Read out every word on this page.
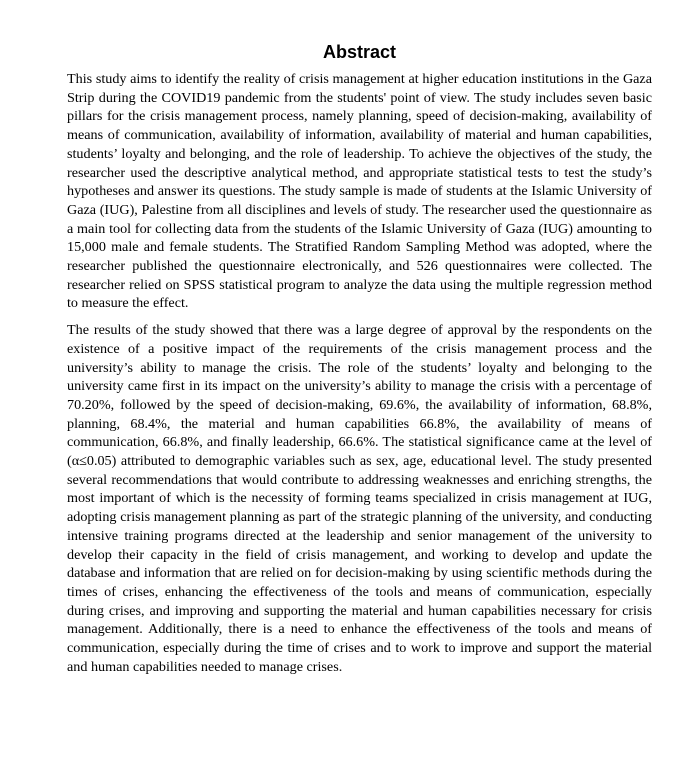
Abstract

This study aims to identify the reality of crisis management at higher education institutions in the Gaza Strip during the COVID19 pandemic from the students' point of view. The study includes seven basic pillars for the crisis management process, namely planning, speed of decision-making, availability of means of communication, availability of information, availability of material and human capabilities, students’ loyalty and belonging, and the role of leadership. To achieve the objectives of the study, the researcher used the descriptive analytical method, and appropriate statistical tests to test the study’s hypotheses and answer its questions. The study sample is made of students at the Islamic University of Gaza (IUG), Palestine from all disciplines and levels of study. The researcher used the questionnaire as a main tool for collecting data from the students of the Islamic University of Gaza (IUG) amounting to 15,000 male and female students. The Stratified Random Sampling Method was adopted, where the researcher published the questionnaire electronically, and 526 questionnaires were collected. The researcher relied on SPSS statistical program to analyze the data using the multiple regression method to measure the effect.

The results of the study showed that there was a large degree of approval by the respondents on the existence of a positive impact of the requirements of the crisis management process and the university’s ability to manage the crisis. The role of the students’ loyalty and belonging to the university came first in its impact on the university’s ability to manage the crisis with a percentage of 70.20%, followed by the speed of decision-making, 69.6%, the availability of information, 68.8%, planning, 68.4%, the material and human capabilities 66.8%, the availability of means of communication, 66.8%, and finally leadership, 66.6%. The statistical significance came at the level of (α≤0.05) attributed to demographic variables such as sex, age, educational level. The study presented several recommendations that would contribute to addressing weaknesses and enriching strengths, the most important of which is the necessity of forming teams specialized in crisis management at IUG, adopting crisis management planning as part of the strategic planning of the university, and conducting intensive training programs directed at the leadership and senior management of the university to develop their capacity in the field of crisis management, and working to develop and update the database and information that are relied on for decision-making by using scientific methods during the times of crises, enhancing the effectiveness of the tools and means of communication, especially during crises, and improving and supporting the material and human capabilities necessary for crisis management. Additionally, there is a need to enhance the effectiveness of the tools and means of communication, especially during the time of crises and to work to improve and support the material and human capabilities needed to manage crises.
